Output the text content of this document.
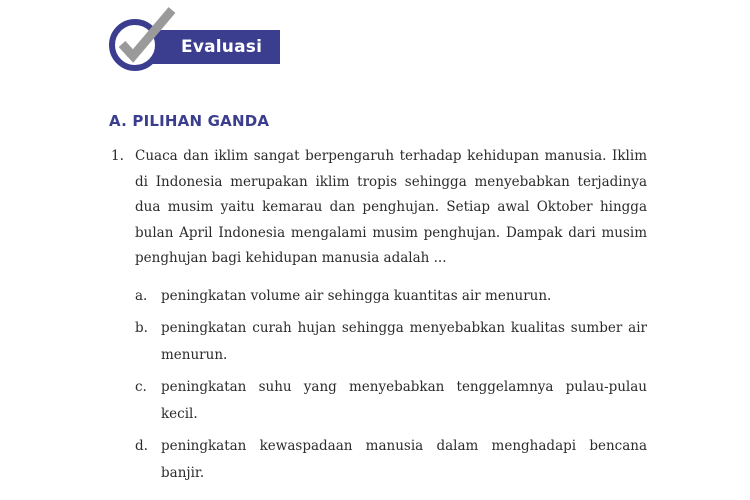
Evaluasi
A. PILIHAN GANDA
1. Cuaca dan iklim sangat berpengaruh terhadap kehidupan manusia. Iklim di Indonesia merupakan iklim tropis sehingga menyebabkan terjadinya dua musim yaitu kemarau dan penghujan. Setiap awal Oktober hingga bulan April Indonesia mengalami musim penghujan. Dampak dari musim penghujan bagi kehidupan manusia adalah ...
a. peningkatan volume air sehingga kuantitas air menurun.
b. peningkatan curah hujan sehingga menyebabkan kualitas sumber air menurun.
c. peningkatan suhu yang menyebabkan tenggelamnya pulau-pulau kecil.
d. peningkatan kewaspadaan manusia dalam menghadapi bencana banjir.
